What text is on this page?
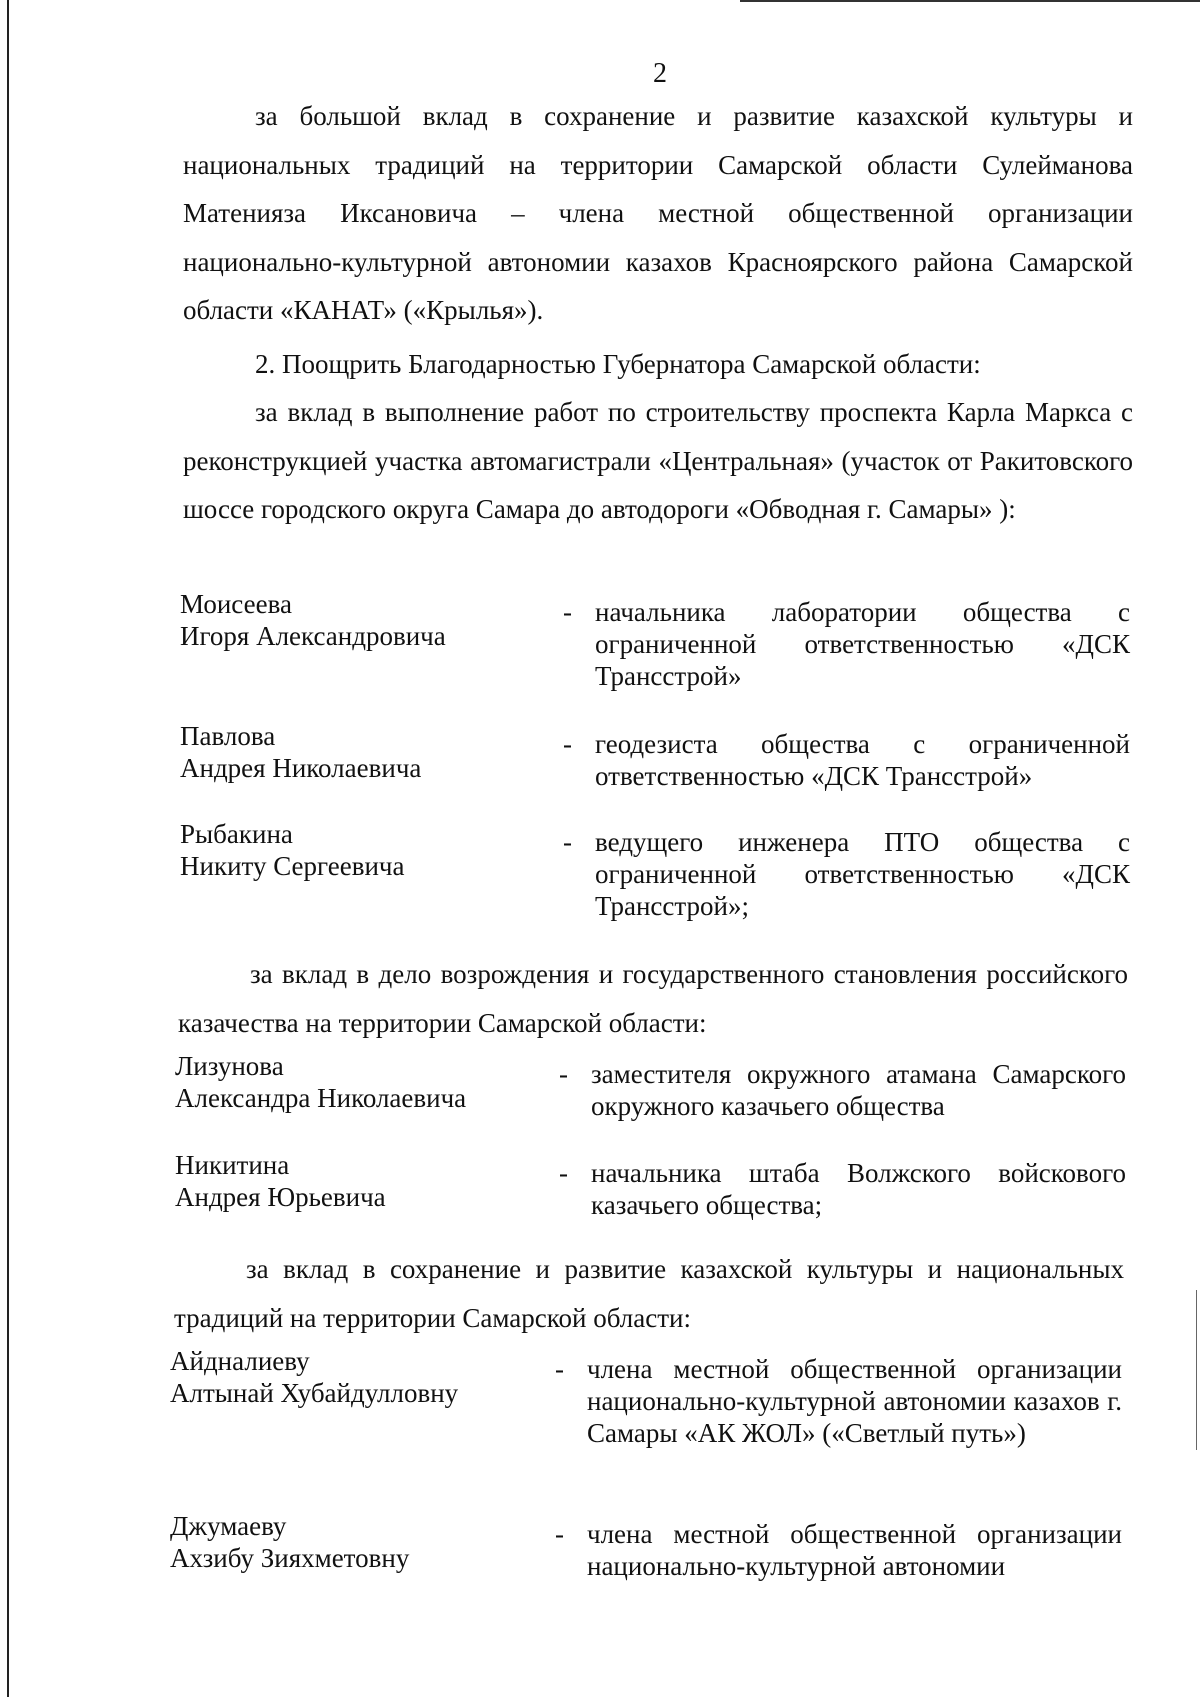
2

за большой вклад в сохранение и развитие казахской культуры и национальных традиций на территории Самарской области Сулейманова Матенияза Иксановича – члена местной общественной организации национально-культурной автономии казахов Красноярского района Самарской области «КАНАТ» («Крылья»).

2. Поощрить Благодарностью Губернатора Самарской области:

за вклад в выполнение работ по строительству проспекта Карла Маркса с реконструкцией участка автомагистрали «Центральная» (участок от Ракитовского шоссе городского округа Самара до автодороги «Обводная г. Самары» ):

Моисеева
Игоря Александровича
- начальника лаборатории общества с ограниченной ответственностью «ДСК Трансстрой»

Павлова
Андрея Николаевича
- геодезиста общества с ограниченной ответственностью «ДСК Трансстрой»

Рыбакина
Никиту Сергеевича
- ведущего инженера ПТО общества с ограниченной ответственностью «ДСК Трансстрой»;

за вклад в дело возрождения и государственного становления российского казачества на территории Самарской области:

Лизунова
Александра Николаевича
- заместителя окружного атамана Самарского окружного казачьего общества

Никитина
Андрея Юрьевича
- начальника штаба Волжского войскового казачьего общества;

за вклад в сохранение и развитие казахской культуры и национальных традиций на территории Самарской области:

Айдналиеву
Алтынай Хубайдулловну
- члена местной общественной организации национально-культурной автономии казахов г. Самары «АК ЖОЛ» («Светлый путь»)

Джумаеву
Ахзибу Зияхметовну
- члена местной общественной организации национально-культурной автономии
